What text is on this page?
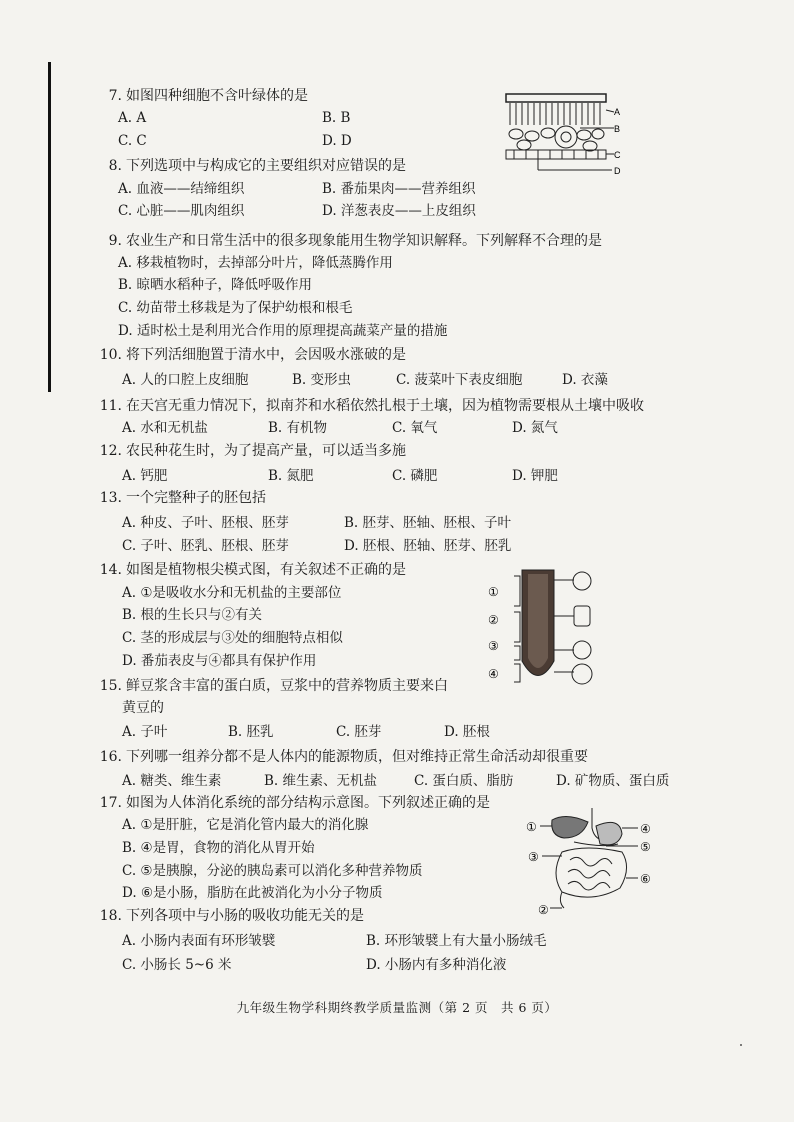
7. 如图四种细胞不含叶绿体的是
A. A	B. B
C. C	D. D
A
B
C
D
8. 下列选项中与构成它的主要组织对应错误的是
A. 血液——结缔组织	B. 番茄果肉——营养组织
C. 心脏——肌肉组织	D. 洋葱表皮——上皮组织
9. 农业生产和日常生活中的很多现象能用生物学知识解释。下列解释不合理的是
A. 移栽植物时，去掉部分叶片，降低蒸腾作用
B. 晾晒水稻种子，降低呼吸作用
C. 幼苗带土移栽是为了保护幼根和根毛
D. 适时松土是利用光合作用的原理提高蔬菜产量的措施
10. 将下列活细胞置于清水中，会因吸水涨破的是
A. 人的口腔上皮细胞	B. 变形虫	C. 菠菜叶下表皮细胞	D. 衣藻
11. 在天宫无重力情况下，拟南芥和水稻依然扎根于土壤，因为植物需要根从土壤中吸收
A. 水和无机盐	B. 有机物	C. 氧气	D. 氮气
12. 农民种花生时，为了提高产量，可以适当多施
A. 钙肥	B. 氮肥	C. 磷肥	D. 钾肥
13. 一个完整种子的胚包括
A. 种皮、子叶、胚根、胚芽	B. 胚芽、胚轴、胚根、子叶
C. 子叶、胚乳、胚根、胚芽	D. 胚根、胚轴、胚芽、胚乳
14. 如图是植物根尖模式图，有关叙述不正确的是
A. ①是吸收水分和无机盐的主要部位
B. 根的生长只与②有关
C. 茎的形成层与③处的细胞特点相似
D. 番茄表皮与④都具有保护作用
①
②
③
④
15. 鲜豆浆含丰富的蛋白质，豆浆中的营养物质主要来白
黄豆的
A. 子叶	B. 胚乳	C. 胚芽	D. 胚根
16. 下列哪一组养分都不是人体内的能源物质，但对维持正常生命活动却很重要
A. 糖类、维生素	B. 维生素、无机盐	C. 蛋白质、脂肪	D. 矿物质、蛋白质
17. 如图为人体消化系统的部分结构示意图。下列叙述正确的是
A. ①是肝脏，它是消化管内最大的消化腺
B. ④是胃，食物的消化从胃开始
C. ⑤是胰腺，分泌的胰岛素可以消化多种营养物质
D. ⑥是小肠，脂肪在此被消化为小分子物质
①
②
③
④
⑤
⑥
18. 下列各项中与小肠的吸收功能无关的是
A. 小肠内表面有环形皱襞	B. 环形皱襞上有大量小肠绒毛
C. 小肠长 5~6 米	D. 小肠内有多种消化液
九年级生物学科期终教学质量监测（第 2 页　共 6 页）
